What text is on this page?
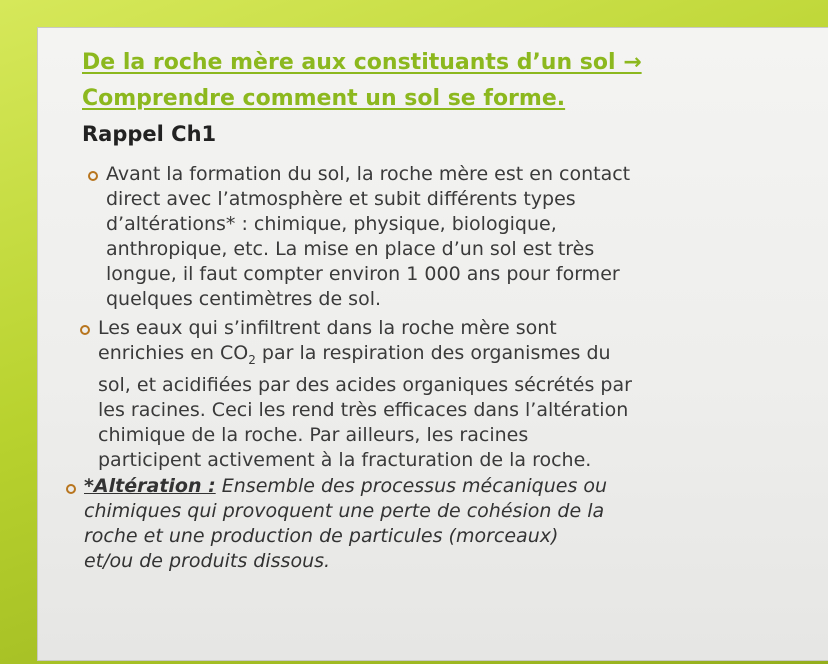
De la roche mère aux constituants d’un sol →
Comprendre comment un sol se forme.
Rappel Ch1

Avant la formation du sol, la roche mère est en contact
direct avec l’atmosphère et subit différents types
d’altérations* : chimique, physique, biologique,
anthropique, etc. La mise en place d’un sol est très
longue, il faut compter environ 1 000 ans pour former
quelques centimètres de sol.

Les eaux qui s’infiltrent dans la roche mère sont
enrichies en $CO_2$ par la respiration des organismes du
sol, et acidifiées par des acides organiques sécrétés par
les racines. Ceci les rend très efficaces dans l’altération
chimique de la roche. Par ailleurs, les racines
participent activement à la fracturation de la roche.

*Altération : Ensemble des processus mécaniques ou
chimiques qui provoquent une perte de cohésion de la
roche et une production de particules (morceaux)
et/ou de produits dissous.
